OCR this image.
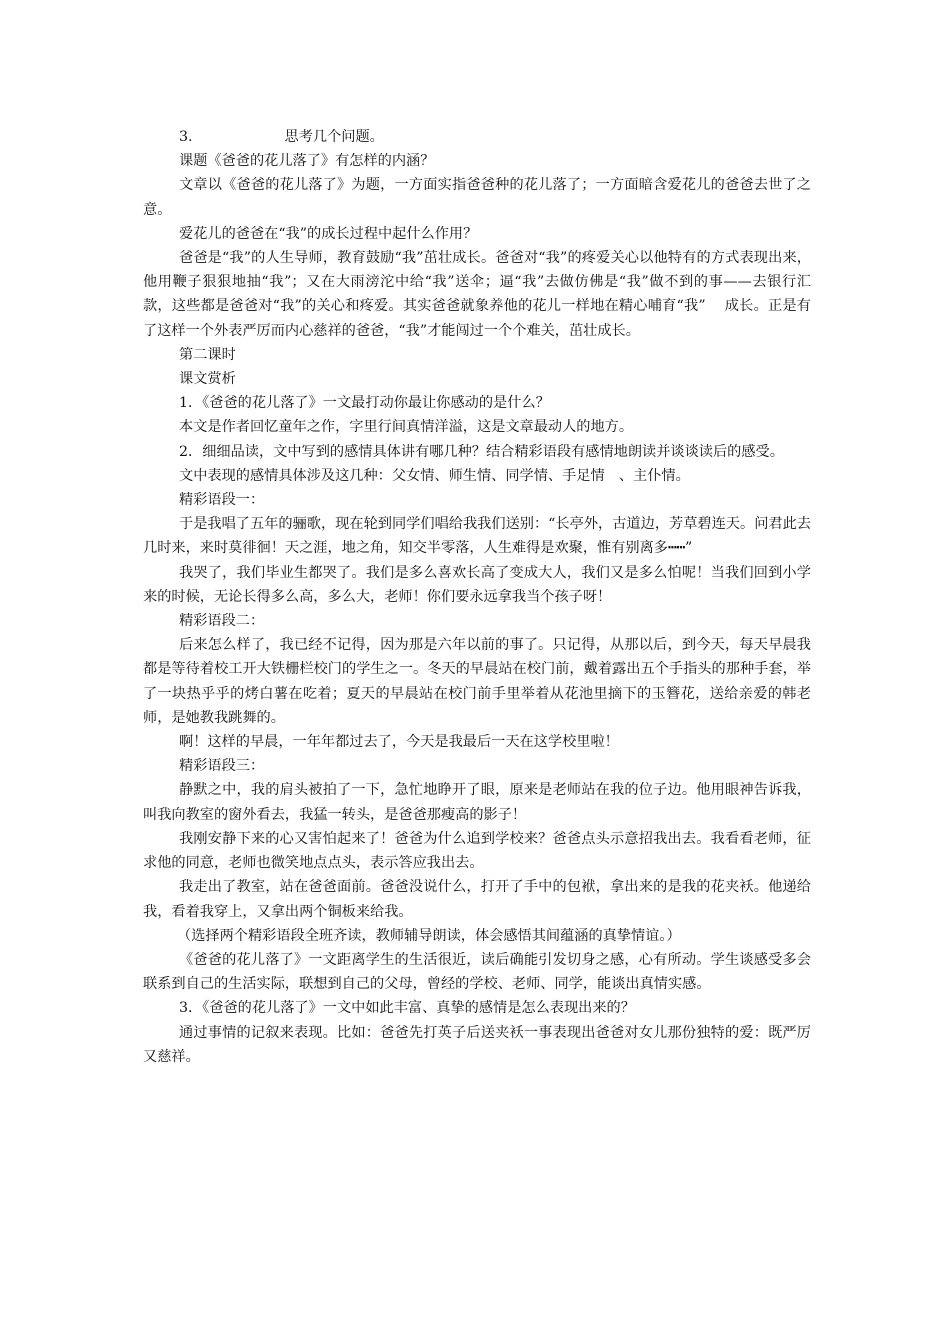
3.	思考几个问题。

课题《爸爸的花儿落了》有怎样的内涵？

文章以《爸爸的花儿落了》为题，一方面实指爸爸种的花儿落了；一方面暗含爱花儿的爸爸去世了之意。

爱花儿的爸爸在“我”的成长过程中起什么作用？

爸爸是“我”的人生导师，教育鼓励“我”茁壮成长。爸爸对“我”的疼爱关心以他特有的方式表现出来，他用鞭子狠狠地抽“我”；又在大雨滂沱中给“我”送伞；逼“我”去做仿佛是“我”做不到的事——去银行汇款，这些都是爸爸对“我”的关心和疼爱。其实爸爸就象养他的花儿一样地在精心哺育“我” 　成长。正是有了这样一个外表严厉而内心慈祥的爸爸，“我”才能闯过一个个难关，茁壮成长。

第二课时

课文赏析

1．《爸爸的花儿落了》一文最打动你最让你感动的是什么？

本文是作者回忆童年之作，字里行间真情洋溢，这是文章最动人的地方。

2．细细品读，文中写到的感情具体讲有哪几种？结合精彩语段有感情地朗读并谈谈读后的感受。

文中表现的感情具体涉及这几种：父女情、师生情、同学情、手足情　、主仆情。

精彩语段一：

于是我唱了五年的骊歌，现在轮到同学们唱给我我们送别：“长亭外，古道边，芳草碧连天。问君此去几时来，来时莫徘徊！天之涯，地之角，知交半零落，人生难得是欢聚，惟有别离多┅┅”

我哭了，我们毕业生都哭了。我们是多么喜欢长高了变成大人，我们又是多么怕呢！当我们回到小学来的时候，无论长得多么高，多么大，老师！你们要永远拿我当个孩子呀！

精彩语段二：

后来怎么样了，我已经不记得，因为那是六年以前的事了。只记得，从那以后，到今天，每天早晨我都是等待着校工开大铁栅栏校门的学生之一。冬天的早晨站在校门前，戴着露出五个手指头的那种手套，举了一块热乎乎的烤白薯在吃着；夏天的早晨站在校门前手里举着从花池里摘下的玉簪花，送给亲爱的韩老师，是她教我跳舞的。

啊！这样的早晨，一年年都过去了，今天是我最后一天在这学校里啦！

精彩语段三：

静默之中，我的肩头被拍了一下，急忙地睁开了眼，原来是老师站在我的位子边。他用眼神告诉我，叫我向教室的窗外看去，我猛一转头，是爸爸那瘦高的影子！

我刚安静下来的心又害怕起来了！爸爸为什么追到学校来？爸爸点头示意招我出去。我看看老师，征求他的同意，老师也微笑地点点头，表示答应我出去。

我走出了教室，站在爸爸面前。爸爸没说什么，打开了手中的包袱，拿出来的是我的花夹袄。他递给我，看着我穿上，又拿出两个铜板来给我。

（选择两个精彩语段全班齐读，教师辅导朗读，体会感悟其间蕴涵的真挚情谊。）

《爸爸的花儿落了》一文距离学生的生活很近，读后确能引发切身之感，心有所动。学生谈感受多会联系到自己的生活实际，联想到自己的父母，曾经的学校、老师、同学，能谈出真情实感。

3．《爸爸的花儿落了》一文中如此丰富、真挚的感情是怎么表现出来的？

通过事情的记叙来表现。比如：爸爸先打英子后送夹袄一事表现出爸爸对女儿那份独特的爱：既严厉又慈祥。
